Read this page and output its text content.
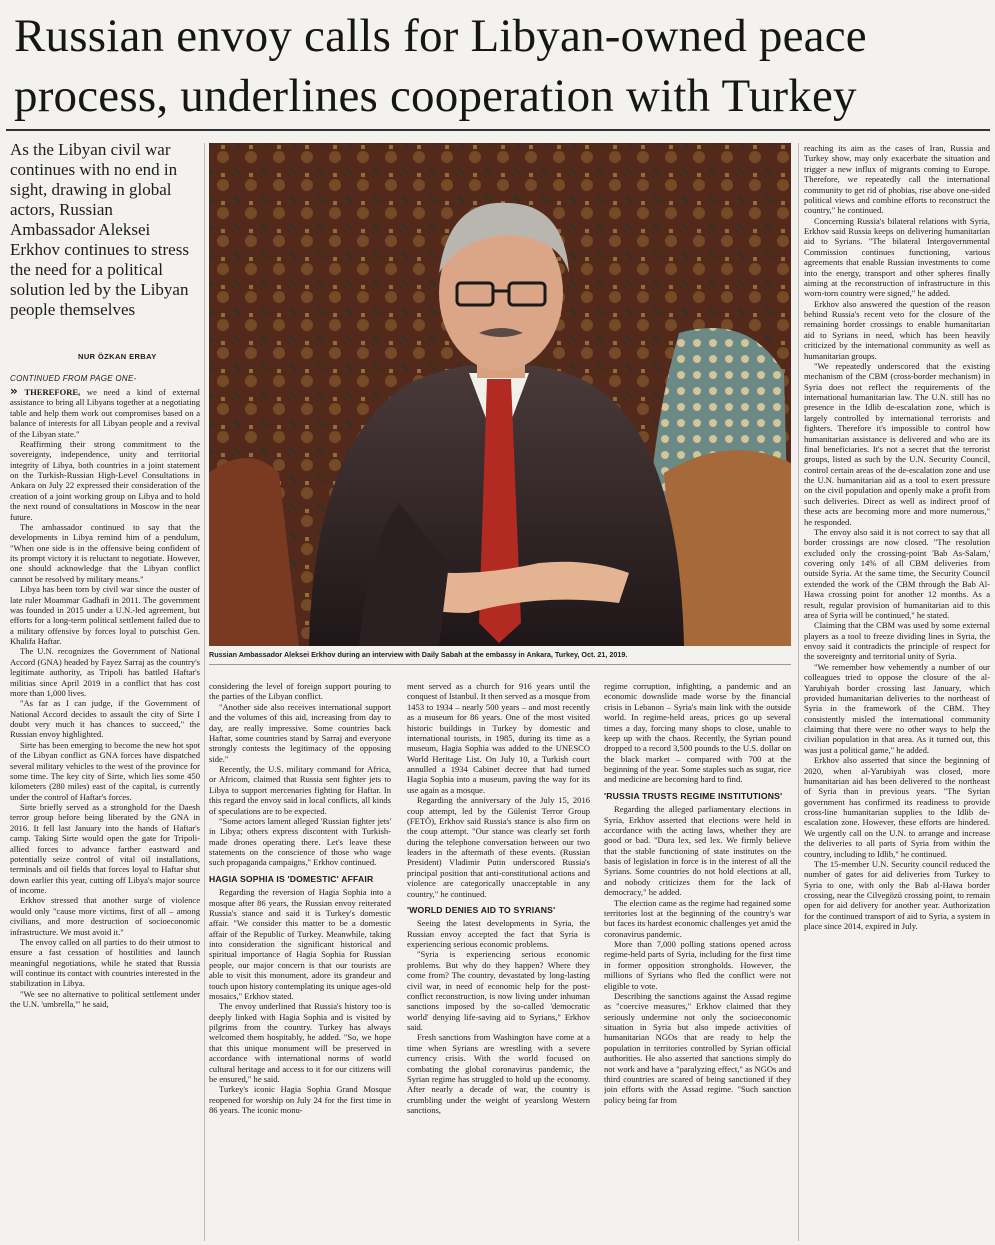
Russian envoy calls for Libyan-owned peace process, underlines cooperation with Turkey

As the Libyan civil war continues with no end in sight, drawing in global actors, Russian Ambassador Aleksei Erkhov continues to stress the need for a political solution led by the Libyan people themselves

NUR ÖZKAN ERBAY

CONTINUED FROM PAGE ONE-

» THEREFORE, we need a kind of external assistance to bring all Libyans together at a negotiating table and help them work out compromises based on a balance of interests for all Libyan people and a revival of the Libyan state."

Reaffirming their strong commitment to the sovereignty, independence, unity and territorial integrity of Libya, both countries in a joint statement on the Turkish-Russian High-Level Consultations in Ankara on July 22 expressed their consideration of the creation of a joint working group on Libya and to hold the next round of consultations in Moscow in the near future.

The ambassador continued to say that the developments in Libya remind him of a pendulum, "When one side is in the offensive being confident of its prompt victory it is reluctant to negotiate. However, one should acknowledge that the Libyan conflict cannot be resolved by military means."

Libya has been torn by civil war since the ouster of late ruler Moammar Gadhafi in 2011. The government was founded in 2015 under a U.N.-led agreement, but efforts for a long-term political settlement failed due to a military offensive by forces loyal to putschist Gen. Khalifa Haftar.

The U.N. recognizes the Government of National Accord (GNA) headed by Fayez Sarraj as the country's legitimate authority, as Tripoli has battled Haftar's militias since April 2019 in a conflict that has cost more than 1,000 lives.

"As far as I can judge, if the Government of National Accord decides to assault the city of Sirte I doubt very much it has chances to succeed," the Russian envoy highlighted.

Sirte has been emerging to become the new hot spot of the Libyan conflict as GNA forces have dispatched several military vehicles to the west of the province for some time. The key city of Sirte, which lies some 450 kilometers (280 miles) east of the capital, is currently under the control of Haftar's forces.

Sirte briefly served as a stronghold for the Daesh terror group before being liberated by the GNA in 2016. It fell last January into the hands of Haftar's camp. Taking Sirte would open the gate for Tripoli-allied forces to advance farther eastward and potentially seize control of vital oil installations, terminals and oil fields that forces loyal to Haftar shut down earlier this year, cutting off Libya's major source of income.

Erkhov stressed that another surge of violence would only "cause more victims, first of all – among civilians, and more destruction of socioeconomic infrastructure. We must avoid it."

The envoy called on all parties to do their utmost to ensure a fast cessation of hostilities and launch meaningful negotiations, while he stated that Russia will continue its contact with countries interested in the stabilization in Libya.

"We see no alternative to political settlement under the U.N. 'umbrella,'" he said,

Russian Ambassador Aleksei Erkhov during an interview with Daily Sabah at the embassy in Ankara, Turkey, Oct. 21, 2019.

considering the level of foreign support pouring to the parties of the Libyan conflict.

"Another side also receives international support and the volumes of this aid, increasing from day to day, are really impressive. Some countries back Haftar, some countries stand by Sarraj and everyone strongly contests the legitimacy of the opposing side."

Recently, the U.S. military command for Africa, or Africom, claimed that Russia sent fighter jets to Libya to support mercenaries fighting for Haftar. In this regard the envoy said in local conflicts, all kinds of speculations are to be expected.

"Some actors lament alleged 'Russian fighter jets' in Libya; others express discontent with Turkish-made drones operating there. Let's leave these statements on the conscience of those who wage such propaganda campaigns," Erkhov continued.

HAGIA SOPHIA IS 'DOMESTIC' AFFAIR

Regarding the reversion of Hagia Sophia into a mosque after 86 years, the Russian envoy reiterated Russia's stance and said it is Turkey's domestic affair. "We consider this matter to be a domestic affair of the Republic of Turkey. Meanwhile, taking into consideration the significant historical and spiritual importance of Hagia Sophia for Russian people, our major concern is that our tourists are able to visit this monument, adore its grandeur and touch upon history contemplating its unique ages-old mosaics," Erkhov stated.

The envoy underlined that Russia's history too is deeply linked with Hagia Sophia and is visited by pilgrims from the country. Turkey has always welcomed them hospitably, he added. "So, we hope that this unique monument will be preserved in accordance with international norms of world cultural heritage and access to it for our citizens will be ensured," he said.

Turkey's iconic Hagia Sophia Grand Mosque reopened for worship on July 24 for the first time in 86 years. The iconic monu-

ment served as a church for 916 years until the conquest of Istanbul. It then served as a mosque from 1453 to 1934 – nearly 500 years – and most recently as a museum for 86 years. One of the most visited historic buildings in Turkey by domestic and international tourists, in 1985, during its time as a museum, Hagia Sophia was added to the UNESCO World Heritage List. On July 10, a Turkish court annulled a 1934 Cabinet decree that had turned Hagia Sophia into a museum, paving the way for its use again as a mosque.

Regarding the anniversary of the July 15, 2016 coup attempt, led by the Gülenist Terror Group (FETÖ), Erkhov said Russia's stance is also firm on the coup attempt. "Our stance was clearly set forth during the telephone conversation between our two leaders in the aftermath of these events. (Russian President) Vladimir Putin underscored Russia's principal position that anti-constitutional actions and violence are categorically unacceptable in any country," he continued.

'WORLD DENIES AID TO SYRIANS'

Seeing the latest developments in Syria, the Russian envoy accepted the fact that Syria is experiencing serious economic problems.

"Syria is experiencing serious economic problems. But why do they happen? Where they come from? The country, devastated by long-lasting civil war, in need of economic help for the post-conflict reconstruction, is now living under inhuman sanctions imposed by the so-called 'democratic world' denying life-saving aid to Syrians," Erkhov said.

Fresh sanctions from Washington have come at a time when Syrians are wrestling with a severe currency crisis. With the world focused on combating the global coronavirus pandemic, the Syrian regime has struggled to hold up the economy. After nearly a decade of war, the country is crumbling under the weight of yearslong Western sanctions,

regime corruption, infighting, a pandemic and an economic downslide made worse by the financial crisis in Lebanon – Syria's main link with the outside world. In regime-held areas, prices go up several times a day, forcing many shops to close, unable to keep up with the chaos. Recently, the Syrian pound dropped to a record 3,500 pounds to the U.S. dollar on the black market – compared with 700 at the beginning of the year. Some staples such as sugar, rice and medicine are becoming hard to find.

'RUSSIA TRUSTS REGIME INSTITUTIONS'

Regarding the alleged parliamentary elections in Syria, Erkhov asserted that elections were held in accordance with the acting laws, whether they are good or bad. "Dura lex, sed lex. We firmly believe that the stable functioning of state institutes on the basis of legislation in force is in the interest of all the Syrians. Some countries do not hold elections at all, and nobody criticizes them for the lack of democracy," he added.

The election came as the regime had regained some territories lost at the beginning of the country's war but faces its hardest economic challenges yet amid the coronavirus pandemic.

More than 7,000 polling stations opened across regime-held parts of Syria, including for the first time in former opposition strongholds. However, the millions of Syrians who fled the conflict were not eligible to vote.

Describing the sanctions against the Assad regime as "coercive measures," Erkhov claimed that they seriously undermine not only the socioeconomic situation in Syria but also impede activities of humanitarian NGOs that are ready to help the population in territories controlled by Syrian official authorities. He also asserted that sanctions simply do not work and have a "paralyzing effect," as NGOs and third countries are scared of being sanctioned if they join efforts with the Assad regime. "Such sanction policy being far from

reaching its aim as the cases of Iran, Russia and Turkey show, may only exacerbate the situation and trigger a new influx of migrants coming to Europe. Therefore, we repeatedly call the international community to get rid of phobias, rise above one-sided political views and combine efforts to reconstruct the country," he continued.

Concerning Russia's bilateral relations with Syria, Erkhov said Russia keeps on delivering humanitarian aid to Syrians. "The bilateral Intergovernmental Commission continues functioning, various agreements that enable Russian investments to come into the energy, transport and other spheres finally aiming at the reconstruction of infrastructure in this worn-torn country were signed," he added.

Erkhov also answered the question of the reason behind Russia's recent veto for the closure of the remaining border crossings to enable humanitarian aid to Syrians in need, which has been heavily criticized by the international community as well as humanitarian groups.

"We repeatedly underscored that the existing mechanism of the CBM (cross-border mechanism) in Syria does not reflect the requirements of the international humanitarian law. The U.N. still has no presence in the Idlib de-escalation zone, which is largely controlled by international terrorists and fighters. Therefore it's impossible to control how humanitarian assistance is delivered and who are its final beneficiaries. It's not a secret that the terrorist groups, listed as such by the U.N. Security Council, control certain areas of the de-escalation zone and use the U.N. humanitarian aid as a tool to exert pressure on the civil population and openly make a profit from such deliveries. Direct as well as indirect proof of these acts are becoming more and more numerous," he responded.

The envoy also said it is not correct to say that all border crossings are now closed. "The resolution excluded only the crossing-point 'Bab As-Salam,' covering only 14% of all CBM deliveries from outside Syria. At the same time, the Security Council extended the work of the CBM through the Bab Al-Hawa crossing point for another 12 months. As a result, regular provision of humanitarian aid to this area of Syria will be continued," he stated.

Claiming that the CBM was used by some external players as a tool to freeze dividing lines in Syria, the envoy said it contradicts the principle of respect for the sovereignty and territorial unity of Syria.

"We remember how vehemently a number of our colleagues tried to oppose the closure of the al-Yarubiyah border crossing last January, which provided humanitarian deliveries to the northeast of Syria in the framework of the CBM. They consistently misled the international community claiming that there were no other ways to help the civilian population in that area. As it turned out, this was just a political game," he added.

Erkhov also asserted that since the beginning of 2020, when al-Yarubiyah was closed, more humanitarian aid has been delivered to the northeast of Syria than in previous years. "The Syrian government has confirmed its readiness to provide cross-line humanitarian supplies to the Idlib de-escalation zone. However, these efforts are hindered. We urgently call on the U.N. to arrange and increase the deliveries to all parts of Syria from within the country, including to Idlib," he continued.

The 15-member U.N. Security council reduced the number of gates for aid deliveries from Turkey to Syria to one, with only the Bab al-Hawa border crossing, near the Cilvegözü crossing point, to remain open for aid delivery for another year. Authorization for the continued transport of aid to Syria, a system in place since 2014, expired in July.
